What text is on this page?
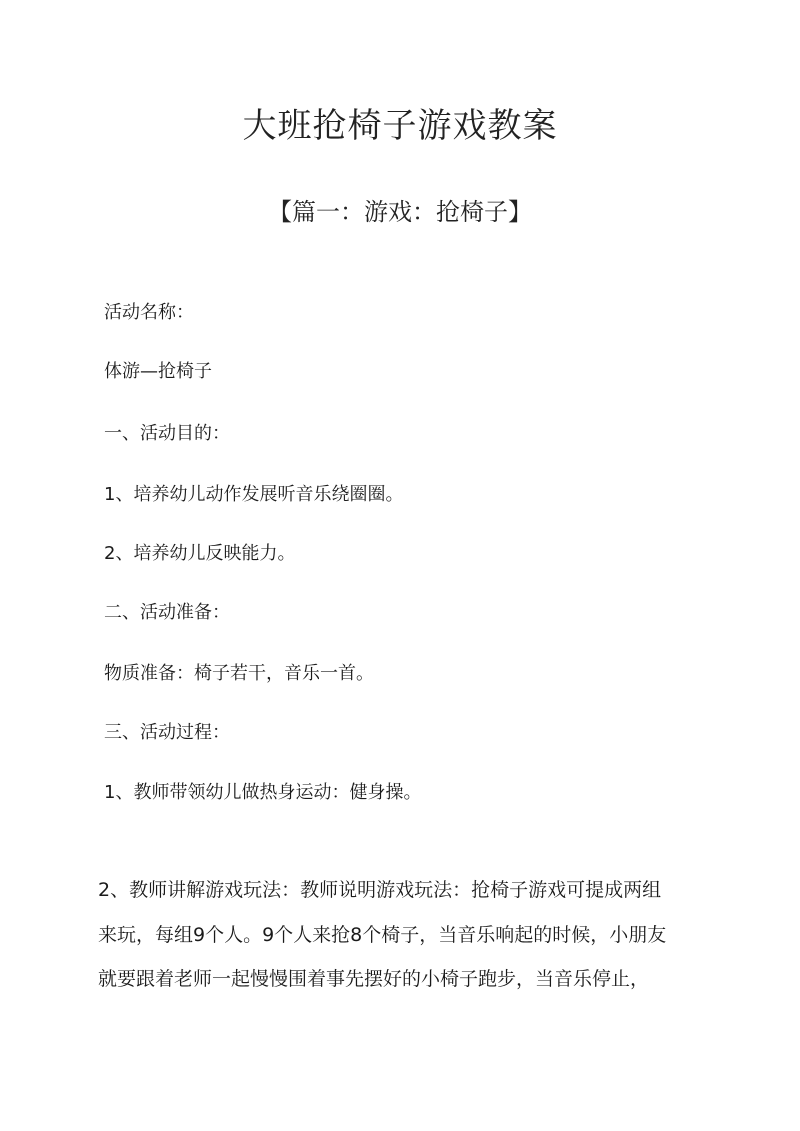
大班抢椅子游戏教案
【篇一：游戏：抢椅子】
活动名称：
体游—抢椅子
一、活动目的：
1、培养幼儿动作发展听音乐绕圈圈。
2、培养幼儿反映能力。
二、活动准备：
物质准备：椅子若干，音乐一首。
三、活动过程：
1、教师带领幼儿做热身运动：健身操。
2、教师讲解游戏玩法：教师说明游戏玩法：抢椅子游戏可提成两组
来玩，每组9个人。9个人来抢8个椅子，当音乐响起的时候，小朋友
就要跟着老师一起慢慢围着事先摆好的小椅子跑步，当音乐停止，
